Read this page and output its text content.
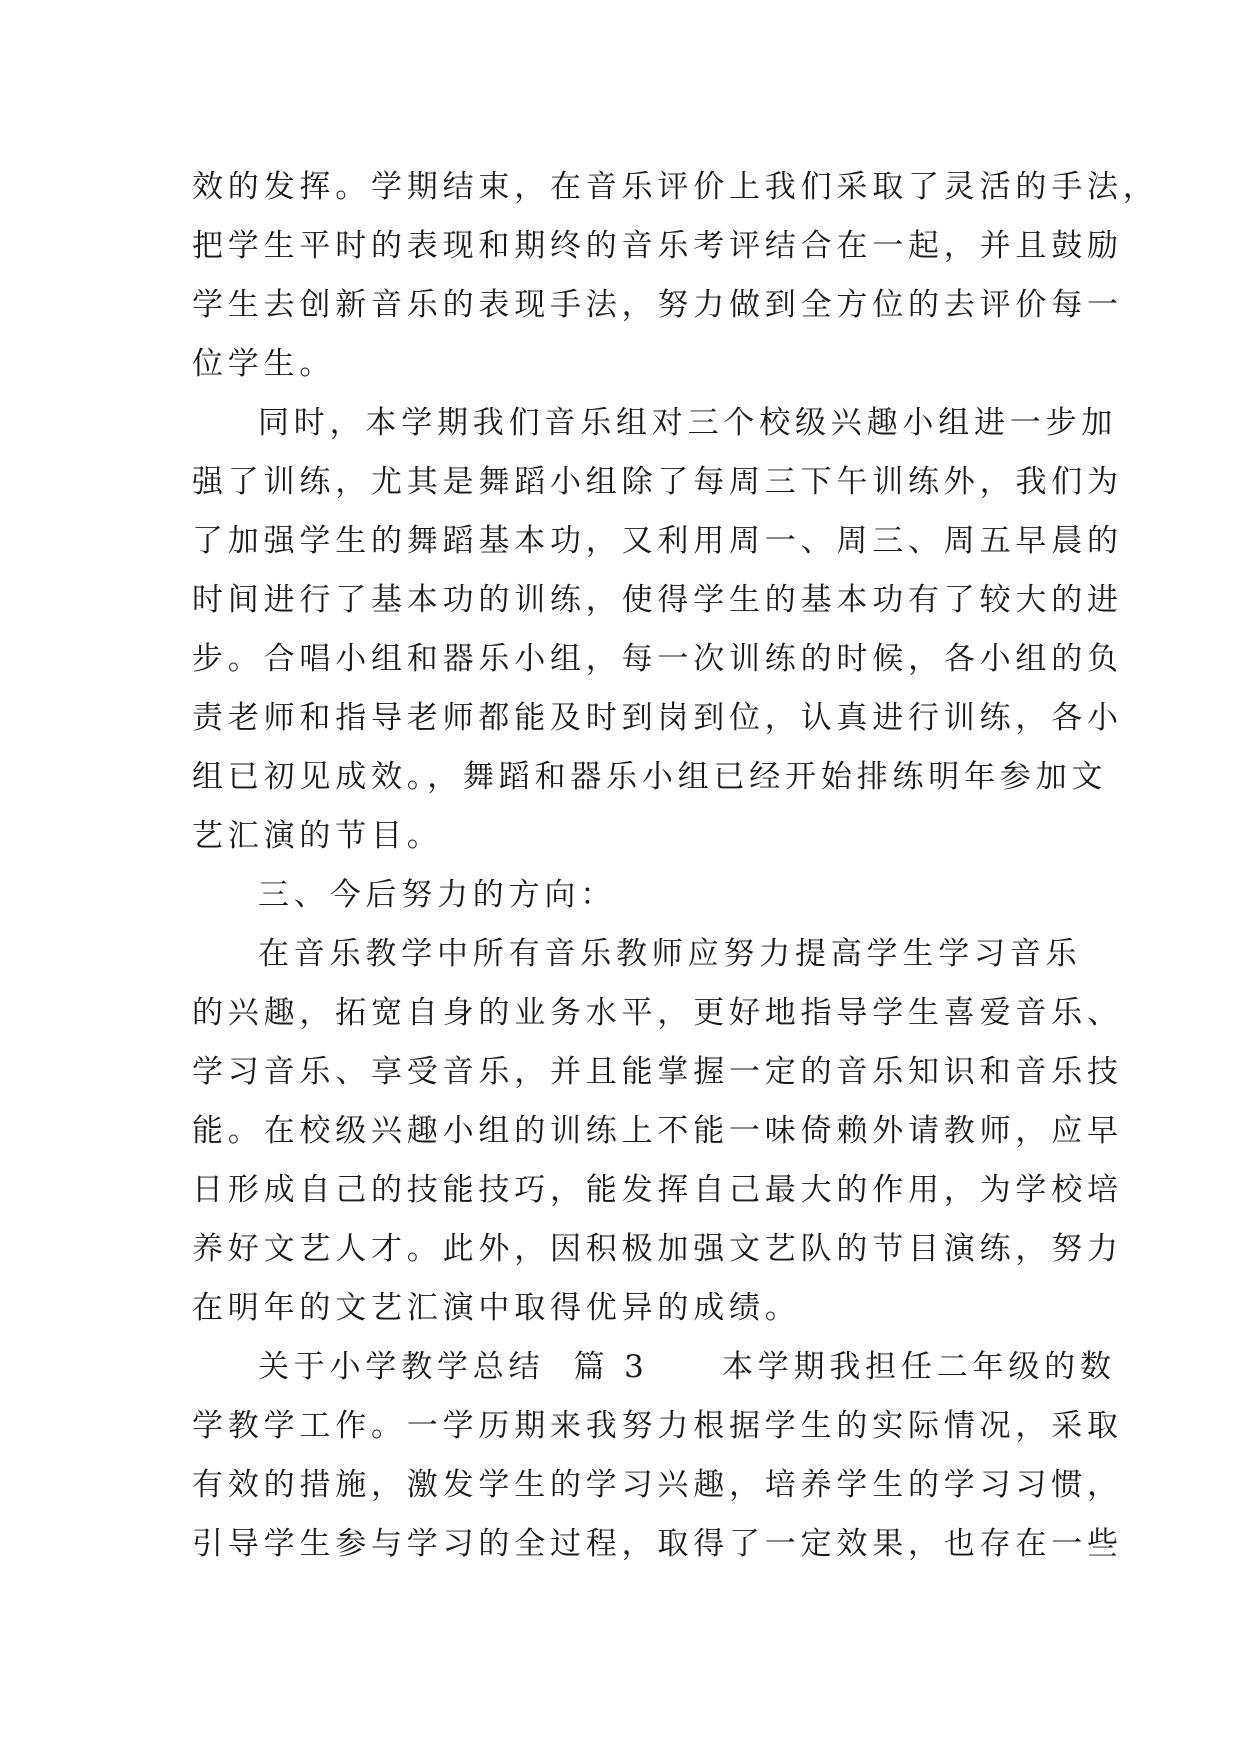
效的发挥。学期结束，在音乐评价上我们采取了灵活的手法，
把学生平时的表现和期终的音乐考评结合在一起，并且鼓励
学生去创新音乐的表现手法，努力做到全方位的去评价每一
位学生。
同时，本学期我们音乐组对三个校级兴趣小组进一步加
强了训练，尤其是舞蹈小组除了每周三下午训练外，我们为
了加强学生的舞蹈基本功，又利用周一、周三、周五早晨的
时间进行了基本功的训练，使得学生的基本功有了较大的进
步。合唱小组和器乐小组，每一次训练的时候，各小组的负
责老师和指导老师都能及时到岗到位，认真进行训练，各小
组已初见成效。，舞蹈和器乐小组已经开始排练明年参加文
艺汇演的节目。
三、今后努力的方向：
在音乐教学中所有音乐教师应努力提高学生学习音乐
的兴趣，拓宽自身的业务水平，更好地指导学生喜爱音乐、
学习音乐、享受音乐，并且能掌握一定的音乐知识和音乐技
能。在校级兴趣小组的训练上不能一味倚赖外请教师，应早
日形成自己的技能技巧，能发挥自己最大的作用，为学校培
养好文艺人才。此外，因积极加强文艺队的节目演练，努力
在明年的文艺汇演中取得优异的成绩。
关于小学教学总结  篇 3     本学期我担任二年级的数
学教学工作。一学历期来我努力根据学生的实际情况，采取
有效的措施，激发学生的学习兴趣，培养学生的学习习惯，
引导学生参与学习的全过程，取得了一定效果，也存在一些
